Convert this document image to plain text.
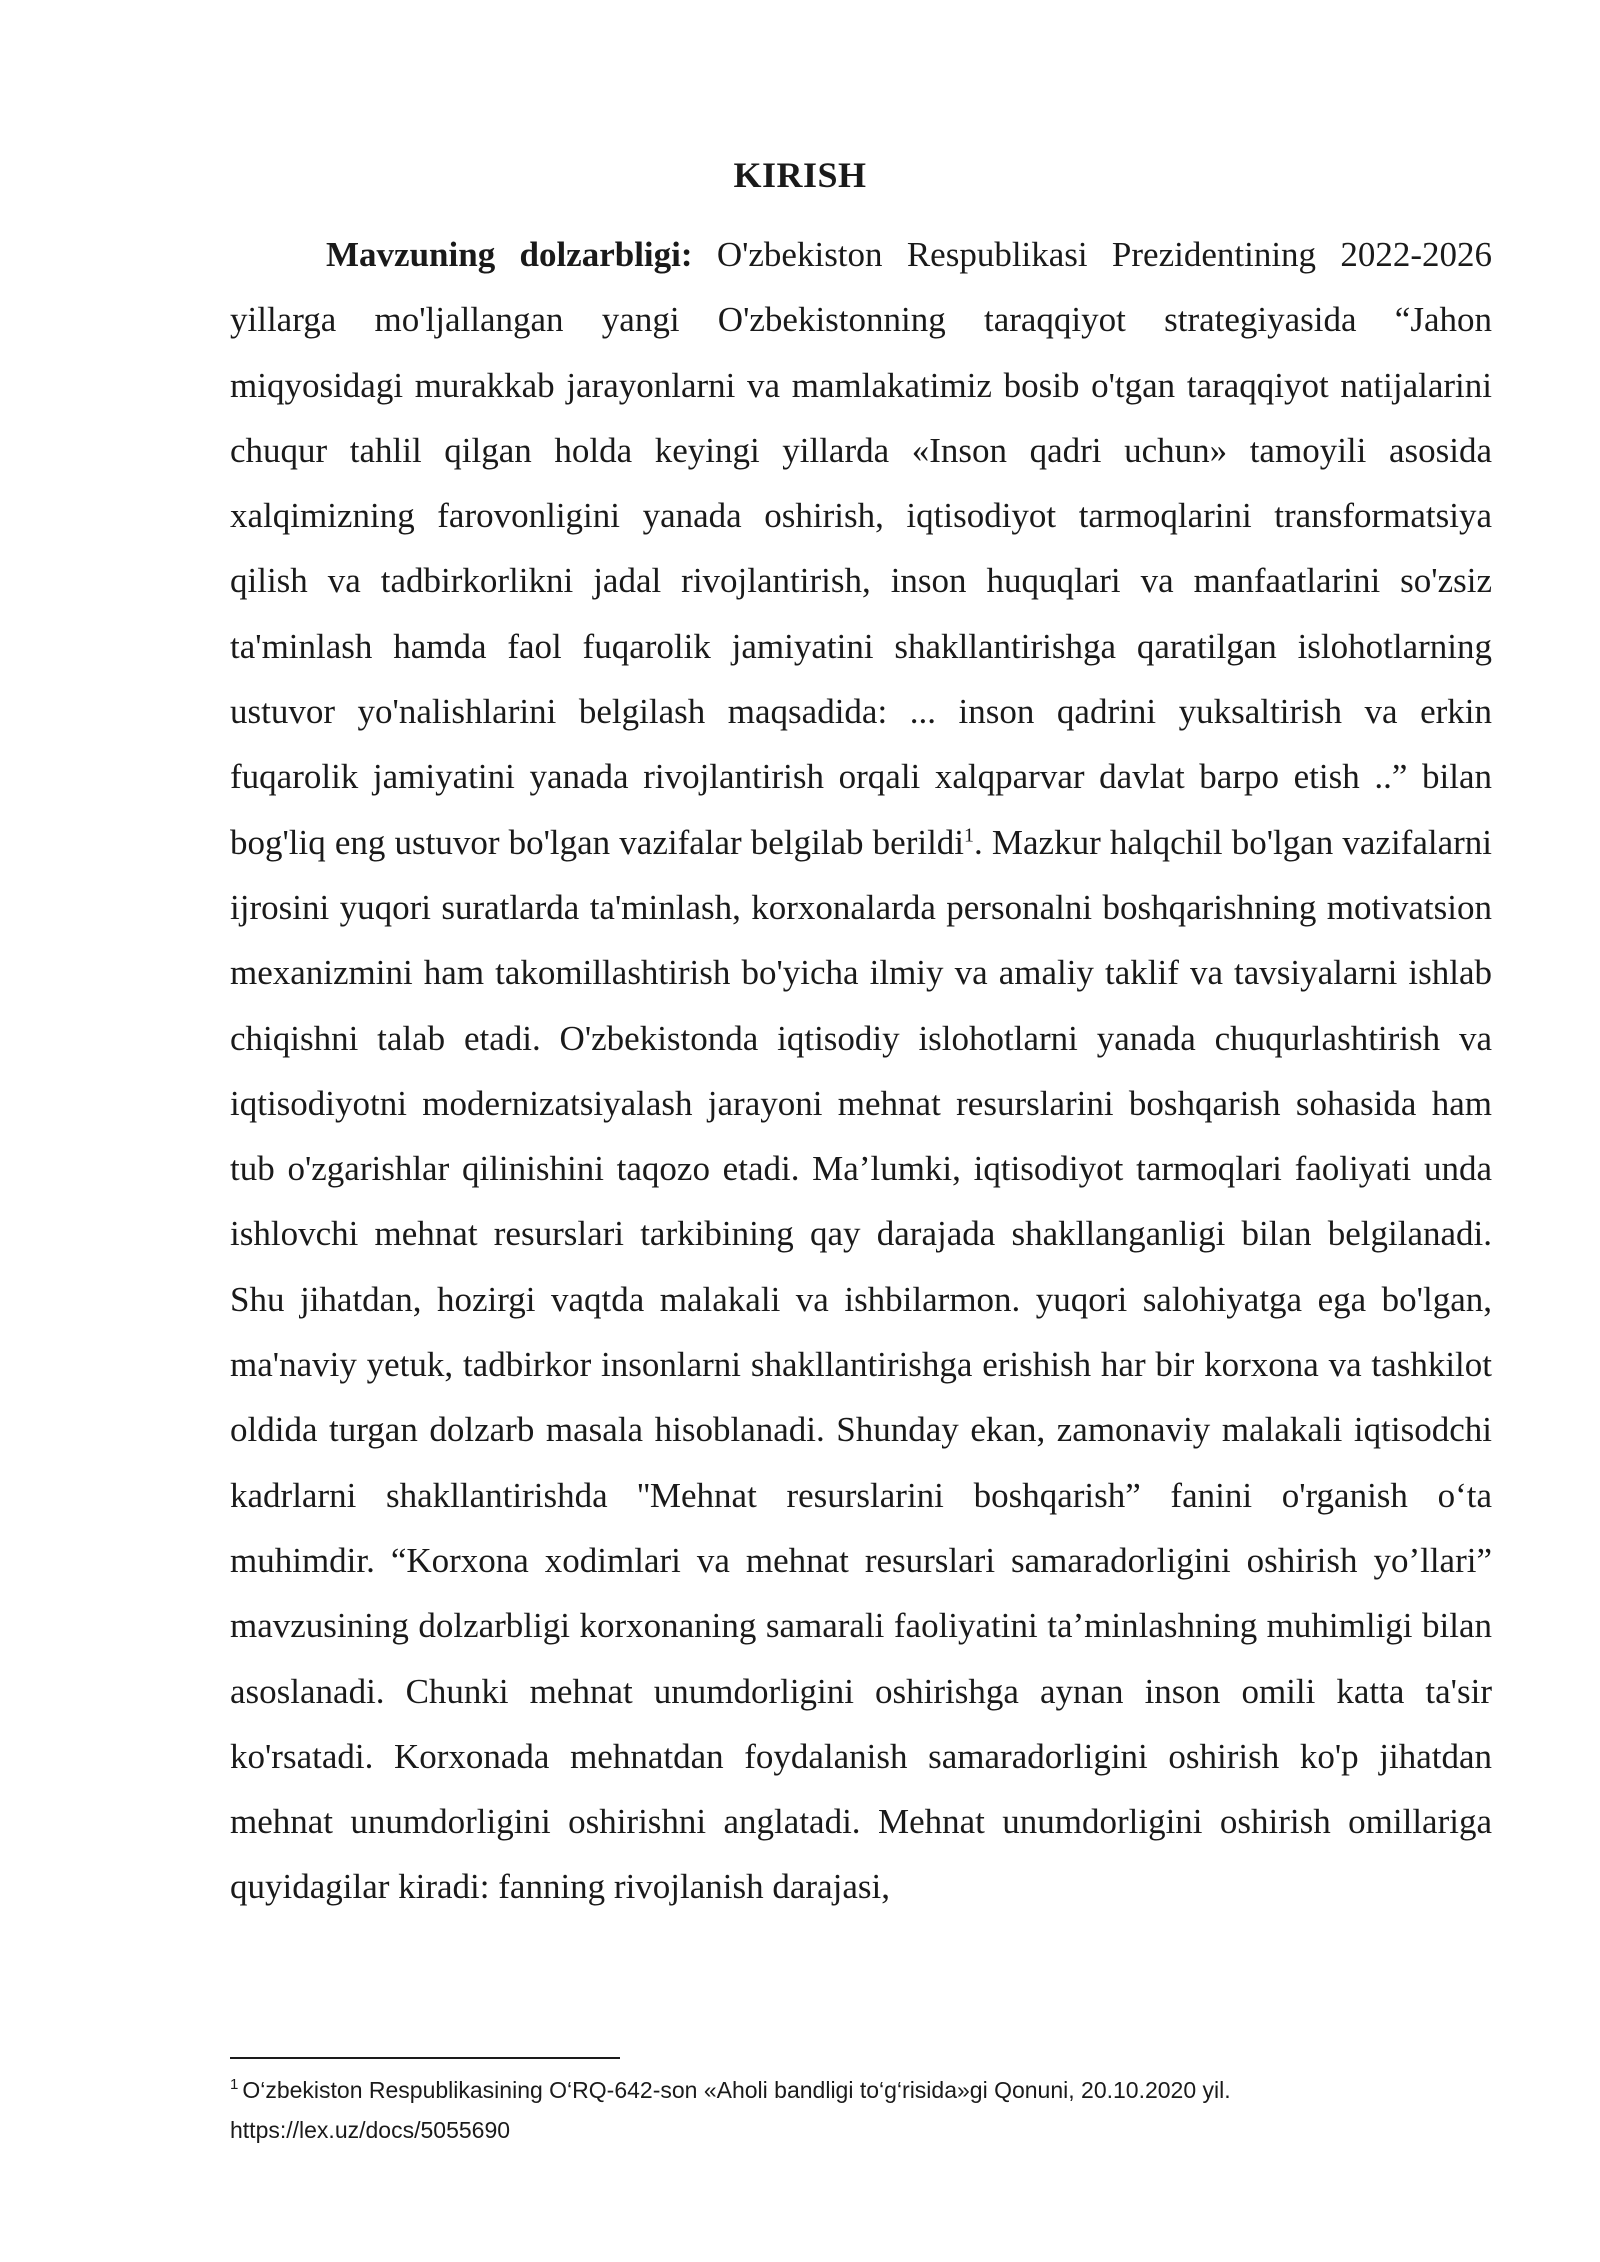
KIRISH

Mavzuning dolzarbligi: O'zbekiston Respublikasi Prezidentining 2022-2026 yillarga mo'ljallangan yangi O'zbekistonning taraqqiyot strategiyasida “Jahon miqyosidagi murakkab jarayonlarni va mamlakatimiz bosib o'tgan taraqqiyot natijalarini chuqur tahlil qilgan holda keyingi yillarda «Inson qadri uchun» tamoyili asosida xalqimizning farovonligini yanada oshirish, iqtisodiyot tarmoqlarini transformatsiya qilish va tadbirkorlikni jadal rivojlantirish, inson huquqlari va manfaatlarini so'zsiz ta'minlash hamda faol fuqarolik jamiyatini shakllantirishga qaratilgan islohotlarning ustuvor yo'nalishlarini belgilash maqsadida: ... inson qadrini yuksaltirish va erkin fuqarolik jamiyatini yanada rivojlantirish orqali xalqparvar davlat barpo etish ..” bilan bog'liq eng ustuvor bo'lgan vazifalar belgilab berildi$^1$. Mazkur halqchil bo'lgan vazifalarni ijrosini yuqori suratlarda ta'minlash, korxonalarda personalni boshqarishning motivatsion mexanizmini ham takomillashtirish bo'yicha ilmiy va amaliy taklif va tavsiyalarni ishlab chiqishni talab etadi. O'zbekistonda iqtisodiy islohotlarni yanada chuqurlashtirish va iqtisodiyotni modernizatsiyalash jarayoni mehnat resurslarini boshqarish sohasida ham tub o'zgarishlar qilinishini taqozo etadi. Ma’lumki, iqtisodiyot tarmoqlari faoliyati unda ishlovchi mehnat resurslari tarkibining qay darajada shakllanganligi bilan belgilanadi. Shu jihatdan, hozirgi vaqtda malakali va ishbilarmon. yuqori salohiyatga ega bo'lgan, ma'naviy yetuk, tadbirkor insonlarni shakllantirishga erishish har bir korxona va tashkilot oldida turgan dolzarb masala hisoblanadi. Shunday ekan, zamonaviy malakali iqtisodchi kadrlarni shakllantirishda ''Mehnat resurslarini boshqarish” fanini o'rganish o‘ta muhimdir. “Korxona xodimlari va mehnat resurslari samaradorligini oshirish yo’llari” mavzusining dolzarbligi korxonaning samarali faoliyatini ta’minlashning muhimligi bilan asoslanadi. Chunki mehnat unumdorligini oshirishga aynan inson omili katta ta'sir ko'rsatadi. Korxonada mehnatdan foydalanish samaradorligini oshirish ko'p jihatdan mehnat unumdorligini oshirishni anglatadi. Mehnat unumdorligini oshirish omillariga quyidagilar kiradi: fanning rivojlanish darajasi,

$^1$ O‘zbekiston Respublikasining O‘RQ-642-son «Aholi bandligi to‘g‘risida»gi Qonuni, 20.10.2020 yil.
https://lex.uz/docs/5055690
